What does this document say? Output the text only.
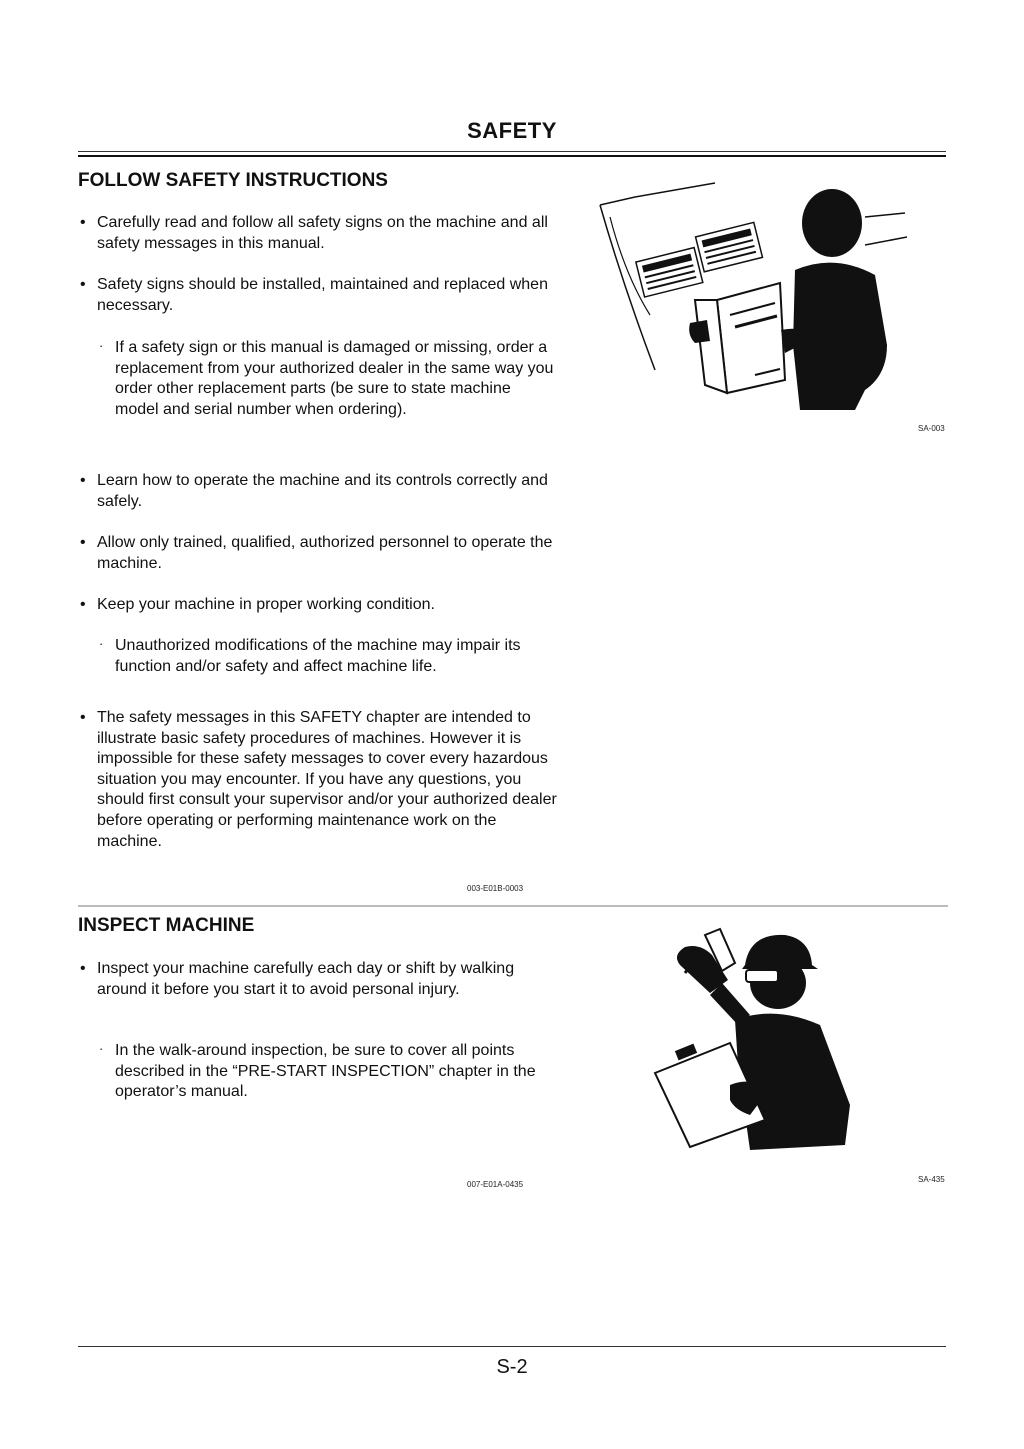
SAFETY
FOLLOW SAFETY INSTRUCTIONS
• Carefully read and follow all safety signs on the machine and all safety messages in this manual.
• Safety signs should be installed, maintained and replaced when necessary.
· If a safety sign or this manual is damaged or missing, order a replacement from your authorized dealer in the same way you order other replacement parts (be sure to state machine model and serial number when ordering).
• Learn how to operate the machine and its controls correctly and safely.
• Allow only trained, qualified, authorized personnel to operate the machine.
• Keep your machine in proper working condition.
· Unauthorized modifications of the machine may impair its function and/or safety and affect machine life.
• The safety messages in this SAFETY chapter are intended to illustrate basic safety procedures of machines. However it is impossible for these safety messages to cover every hazardous situation you may encounter. If you have any questions, you should first consult your supervisor and/or your authorized dealer before operating or performing maintenance work on the machine.
003-E01B-0003
SA-003
INSPECT MACHINE
• Inspect your machine carefully each day or shift by walking around it before you start it to avoid personal injury.
· In the walk-around inspection, be sure to cover all points described in the “PRE-START INSPECTION” chapter in the operator’s manual.
007-E01A-0435
SA-435
S-2
